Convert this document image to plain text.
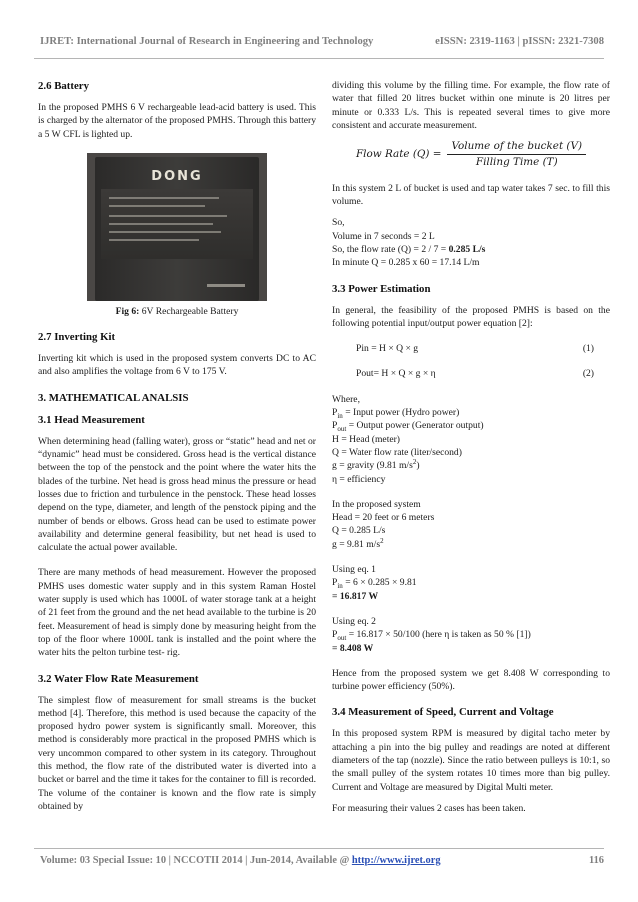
IJRET: International Journal of Research in Engineering and Technology	eISSN: 2319-1163 | pISSN: 2321-7308
2.6 Battery

In the proposed PMHS 6 V rechargeable lead-acid battery is used. This is charged by the alternator of the proposed PMHS. Through this battery a 5 W CFL is lighted up.

DONG
Fig 6: 6V Rechargeable Battery
2.7 Inverting Kit

Inverting kit which is used in the proposed system converts DC to AC and also amplifies the voltage from 6 V to 175 V.

3. MATHEMATICAL ANALSIS
3.1 Head Measurement

When determining head (falling water), gross or “static” head and net or “dynamic” head must be considered. Gross head is the vertical distance between the top of the penstock and the point where the water hits the blades of the turbine. Net head is gross head minus the pressure or head losses due to friction and turbulence in the penstock. These head losses depend on the type, diameter, and length of the penstock piping and the number of bends or elbows. Gross head can be used to estimate power availability and determine general feasibility, but net head is used to calculate the actual power available.

There are many methods of head measurement. However the proposed PMHS uses domestic water supply and in this system Raman Hostel water supply is used which has 1000L of water storage tank at a height of 21 feet from the ground and the net head available to the turbine is 20 feet. Measurement of head is simply done by measuring height from the top of the floor where 1000L tank is installed and the point where the water hits the pelton turbine test- rig.

3.2 Water Flow Rate Measurement

The simplest flow of measurement for small streams is the bucket method [4]. Therefore, this method is used because the capacity of the proposed hydro power system is significantly small. Moreover, this method is considerably more practical in the proposed PMHS which is very uncommon compared to other system in its category. Throughout this method, the flow rate of the distributed water is diverted into a bucket or barrel and the time it takes for the container to fill is recorded. The volume of the container is known and the flow rate is simply obtained by

dividing this volume by the filling time. For example, the flow rate of water that filled 20 litres bucket within one minute is 20 litres per minute or 0.333 L/s. This is repeated several times to give more consistent and accurate measurement.

Flow Rate $(Q) = \frac{\text{Volume of the bucket (V)}}{\text{Filling Time (T)}}$

In this system 2 L of bucket is used and tap water takes 7 sec. to fill this volume.

So,

Volume in 7 seconds = 2 L

So, the flow rate (Q) = 2 / 7 = 0.285 L/s

In minute Q = 0.285 x 60 = 17.14 L/m

3.3 Power Estimation

In general, the feasibility of the proposed PMHS is based on the following potential input/output power equation [2]:

Pin = H × Q × g	(1)
Pout= H × Q × g × η	(2)

Where,

$P_{in}$ = Input power (Hydro power)

$P_{out}$ = Output power (Generator output)

H = Head (meter)

Q = Water flow rate (liter/second)

g = gravity (9.81 $m/s^2$)

η = efficiency

In the proposed system

Head = 20 feet or 6 meters

Q = 0.285 L/s

g = 9.81 $m/s^2$

Using eq. 1

$P_{in} = 6 \times 0.285 \times 9.81$

= 16.817 W

Using eq. 2

$P_{out} = 16.817 \times 50/100$ (here η is taken as 50 % [1])

= 8.408 W

Hence from the proposed system we get 8.408 W corresponding to turbine power efficiency (50%).

3.4 Measurement of Speed, Current and Voltage

In this proposed system RPM is measured by digital tacho meter by attaching a pin into the big pulley and readings are noted at different diameters of the tap (nozzle). Since the ratio between pulleys is 10:1, so the small pulley of the system rotates 10 times more than big pulley. Current and Voltage are measured by Digital Multi meter.

For measuring their values 2 cases has been taken.

Volume: 03 Special Issue: 10 | NCCOTII 2014 | Jun-2014, Available @ http://www.ijret.org	116
